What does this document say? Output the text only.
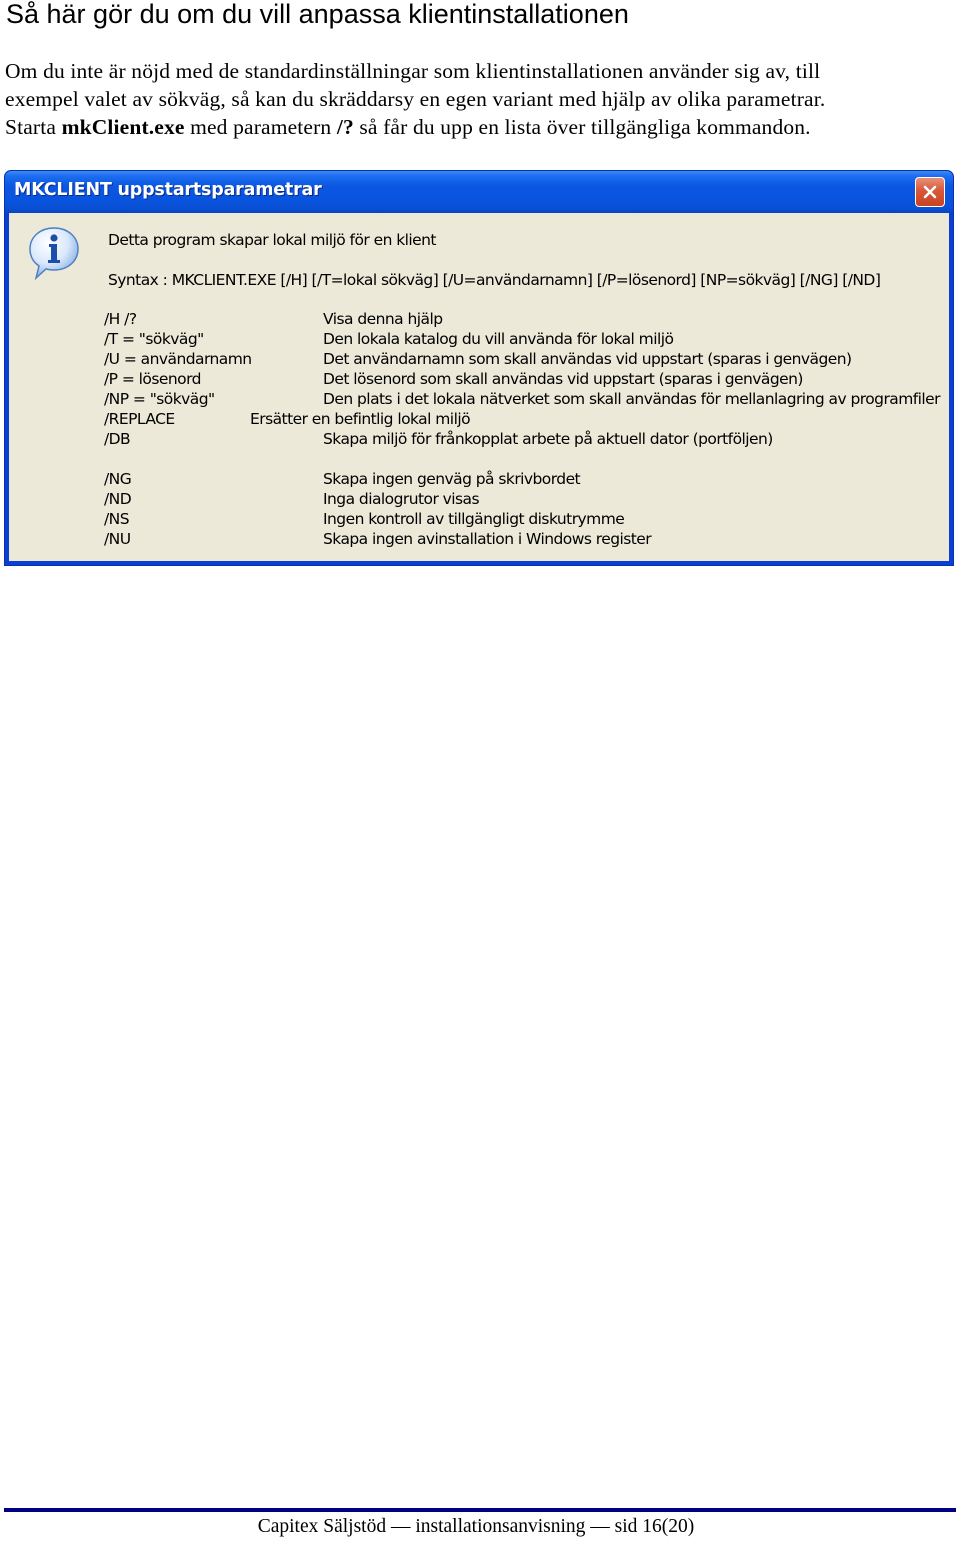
Så här gör du om du vill anpassa klientinstallationen

Om du inte är nöjd med de standardinställningar som klientinstallationen använder sig av, till
exempel valet av sökväg, så kan du skräddarsy en egen variant med hjälp av olika parametrar.
Starta mkClient.exe med parametern /? så får du upp en lista över tillgängliga kommandon.

MKCLIENT uppstartsparametrar
Detta program skapar lokal miljö för en klient
Syntax : MKCLIENT.EXE [/H] [/T=lokal sökväg] [/U=användarnamn] [/P=lösenord] [NP=sökväg] [/NG] [/ND]
/H /?	Visa denna hjälp
/T = "sökväg"	Den lokala katalog du vill använda för lokal miljö
/U = användarnamn	Det användarnamn som skall användas vid uppstart (sparas i genvägen)
/P = lösenord	Det lösenord som skall användas vid uppstart (sparas i genvägen)
/NP = "sökväg"	Den plats i det lokala nätverket som skall användas för mellanlagring av programfiler
/REPLACE	Ersätter en befintlig lokal miljö
/DB	Skapa miljö för frånkopplat arbete på aktuell dator (portföljen)
/NG	Skapa ingen genväg på skrivbordet
/ND	Inga dialogrutor visas
/NS	Ingen kontroll av tillgängligt diskutrymme
/NU	Skapa ingen avinstallation i Windows register
Capitex Säljstöd — installationsanvisning — sid 16(20)
